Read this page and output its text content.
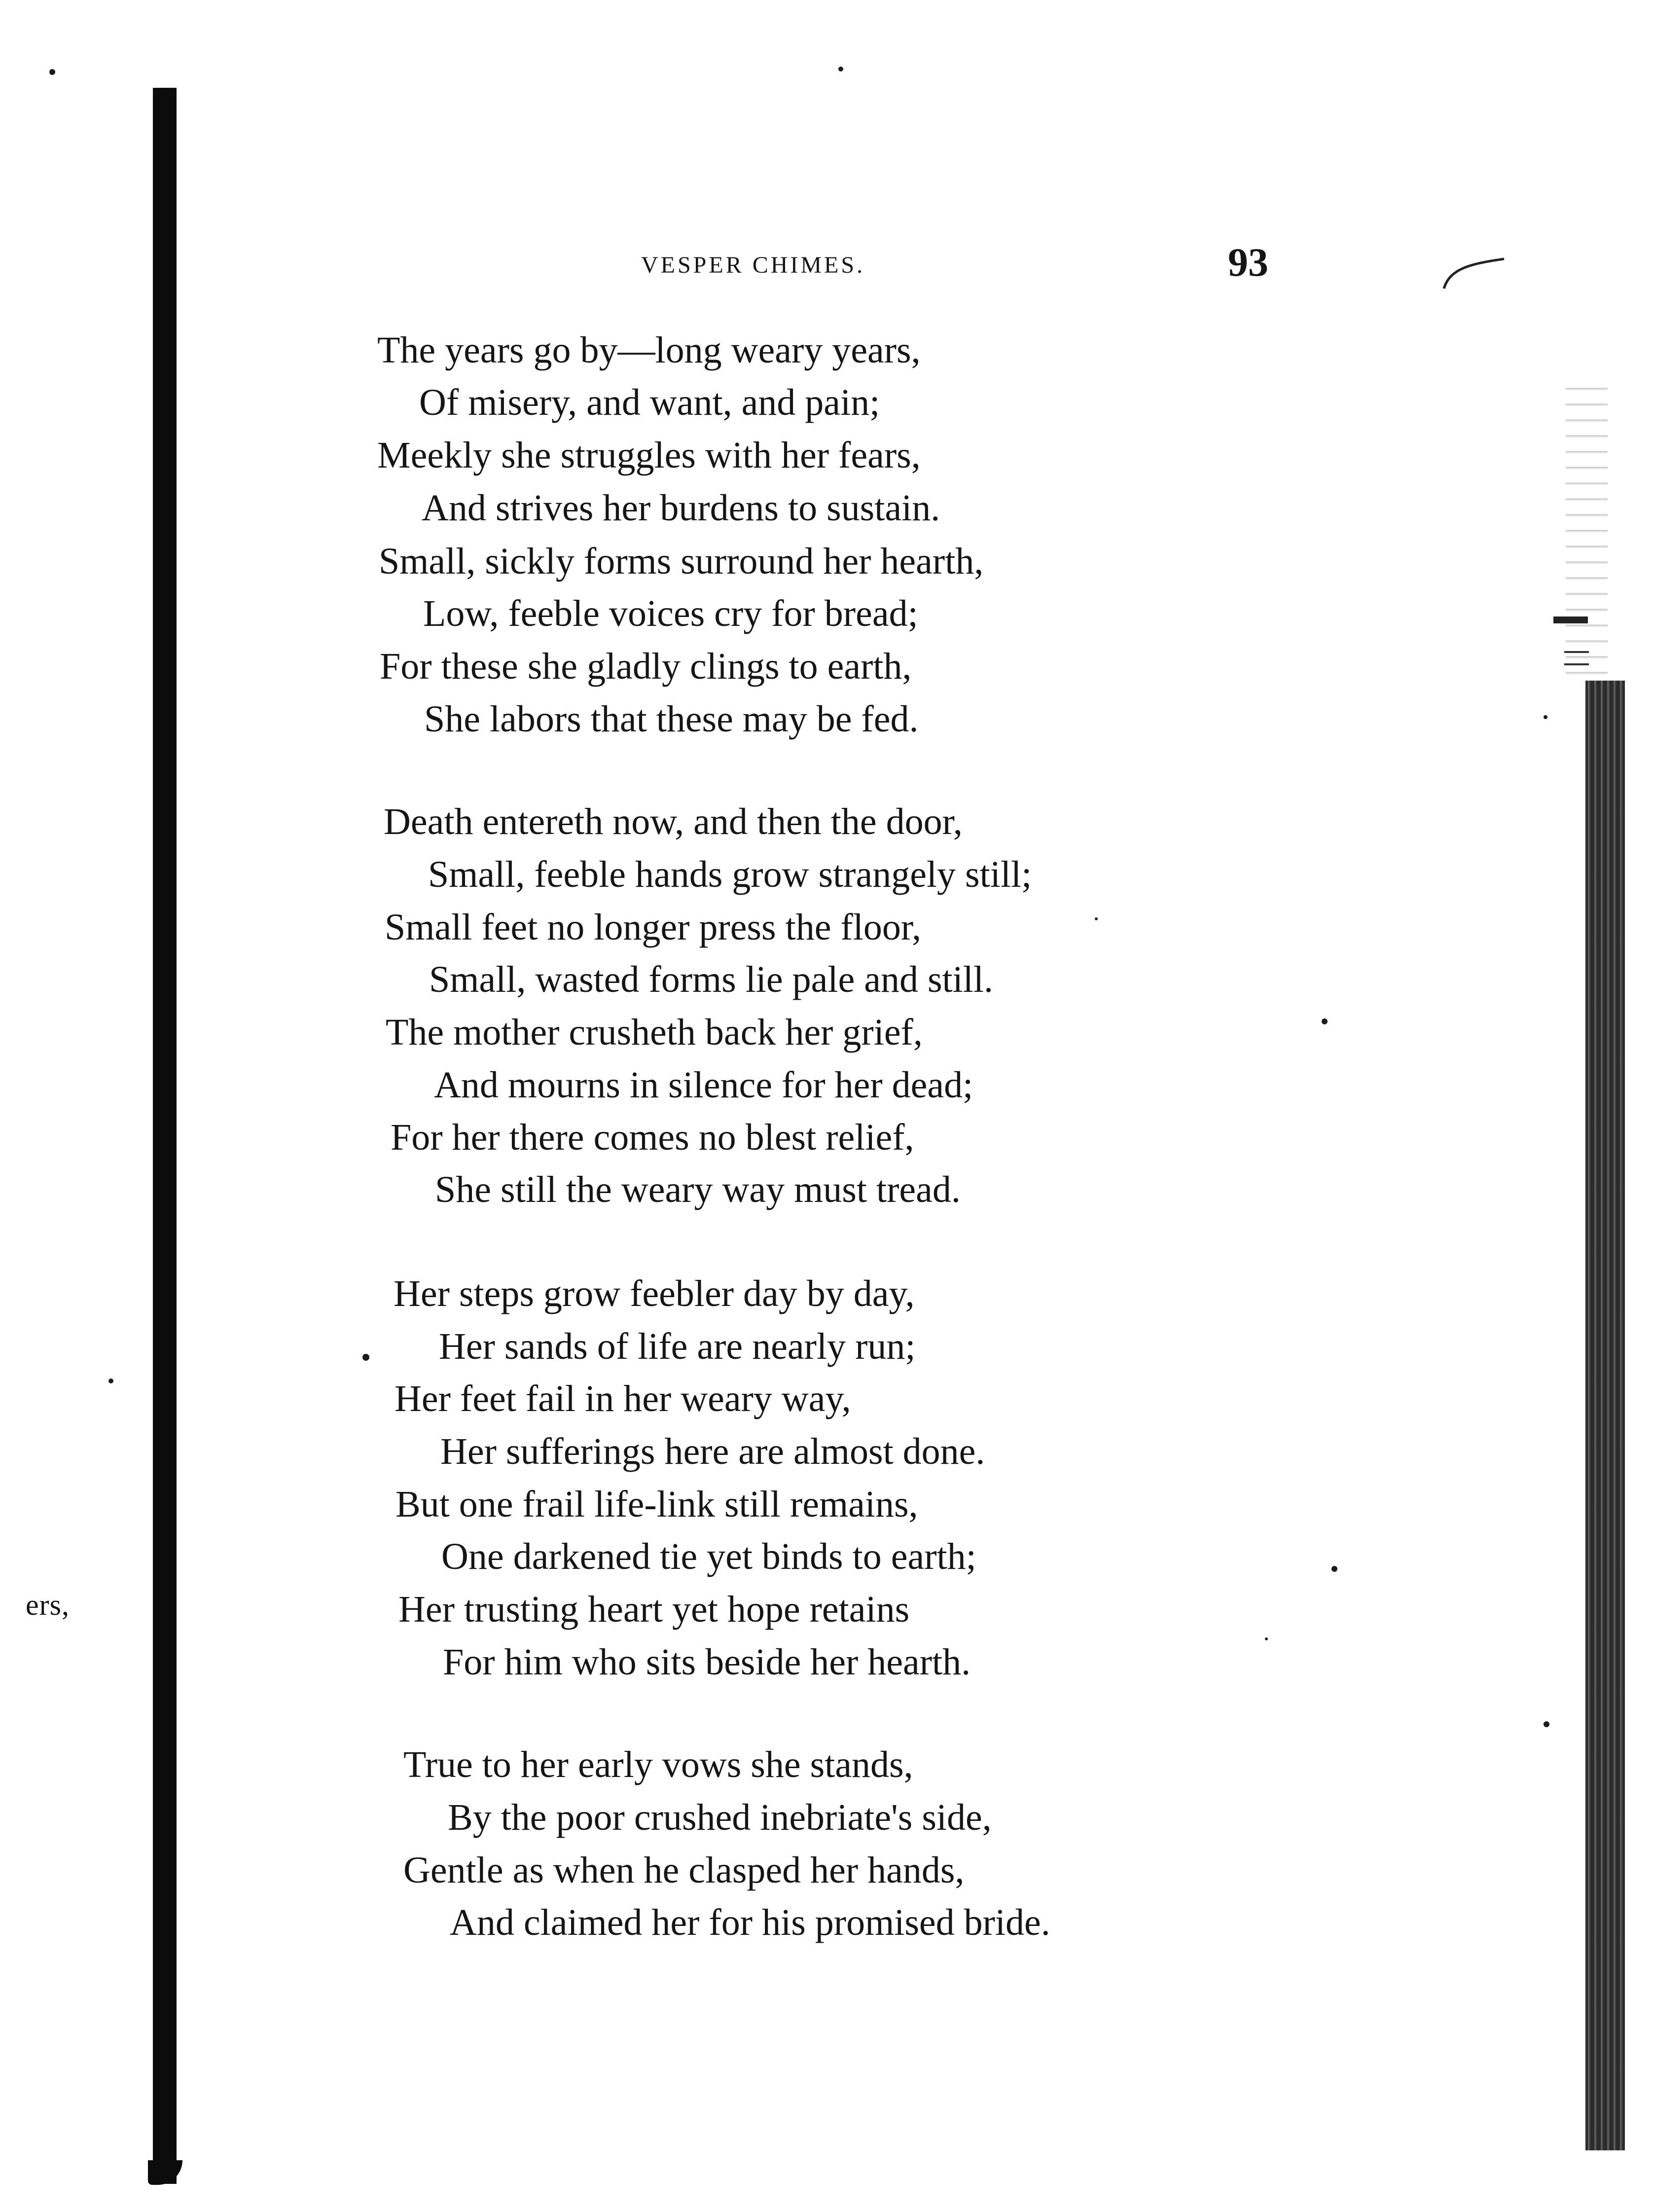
ers,
VESPER CHIMES.	93
The years go by—long weary years,
Of misery, and want, and pain;
Meekly she struggles with her fears,
And strives her burdens to sustain.
Small, sickly forms surround her hearth,
Low, feeble voices cry for bread;
For these she gladly clings to earth,
She labors that these may be fed.
Death entereth now, and then the door,
Small, feeble hands grow strangely still;
Small feet no longer press the floor,
Small, wasted forms lie pale and still.
The mother crusheth back her grief,
And mourns in silence for her dead;
For her there comes no blest relief,
She still the weary way must tread.
Her steps grow feebler day by day,
Her sands of life are nearly run;
Her feet fail in her weary way,
Her sufferings here are almost done.
But one frail life-link still remains,
One darkened tie yet binds to earth;
Her trusting heart yet hope retains
For him who sits beside her hearth.
True to her early vows she stands,
By the poor crushed inebriate's side,
Gentle as when he clasped her hands,
And claimed her for his promised bride.
